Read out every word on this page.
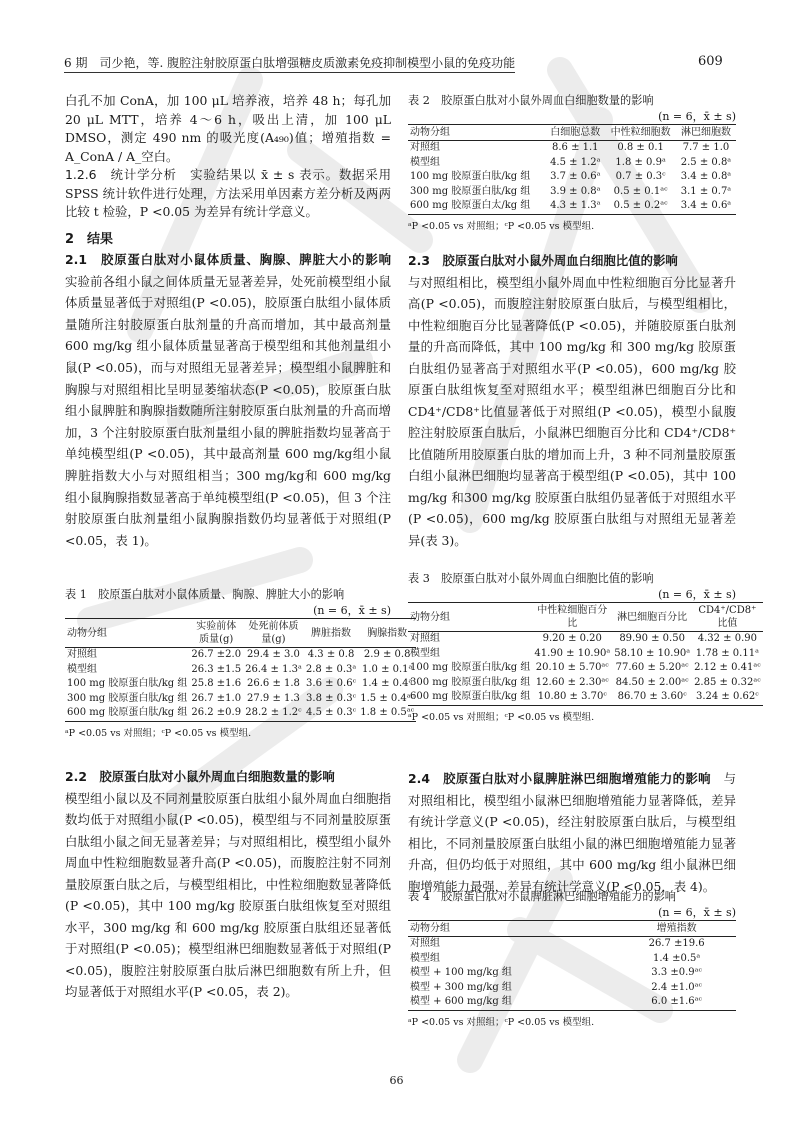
6 期　司少艳，等. 腹腔注射胶原蛋白肽增强糖皮质激素免疫抑制模型小鼠的免疫功能	609

白孔不加 ConA，加 100 μL 培养液，培养 48 h；每孔加 20 μL MTT，培养 4～6 h，吸出上清，加 100 μL DMSO，测定 490 nm 的吸光度(A₄₉₀)值；增殖指数 = A_ConA / A_空白。

1.2.6　统计学分析　 实验结果以 x̄ ± s 表示。数据采用 SPSS 统计软件进行处理，方法采用单因素方差分析及两两比较 t 检验，P <0.05 为差异有统计学意义。

2　结果

2.1　胶原蛋白肽对小鼠体质量、胸腺、脾脏大小的影响　实验前各组小鼠之间体质量无显著差异，处死前模型组小鼠体质量显著低于对照组(P <0.05)，胶原蛋白肽组小鼠体质量随所注射胶原蛋白肽剂量的升高而增加，其中最高剂量600 mg/kg 组小鼠体质量显著高于模型组和其他剂量组小鼠(P <0.05)，而与对照组无显著差异；模型组小鼠脾脏和胸腺与对照组相比呈明显萎缩状态(P <0.05)，胶原蛋白肽组小鼠脾脏和胸腺指数随所注射胶原蛋白肽剂量的升高而增加，3 个注射胶原蛋白肽剂量组小鼠的脾脏指数均显著高于单纯模型组(P <0.05)，其中最高剂量 600 mg/kg组小鼠脾脏指数大小与对照组相当；300 mg/kg和 600 mg/kg 组小鼠胸腺指数显著高于单纯模型组(P <0.05)，但 3 个注射胶原蛋白肽剂量组小鼠胸腺指数仍均显著低于对照组(P <0.05，表 1)。

表 1　胶原蛋白肽对小鼠体质量、胸腺、脾脏大小的影响
(n = 6，x̄ ± s)
动物分组	实验前体质量(g)	处死前体质量(g)	脾脏指数	胸腺指数
对照组	26.7 ±2.0	29.4 ± 3.0	4.3 ± 0.8	2.9 ± 0.8
模型组	26.3 ±1.5	26.4 ± 1.3ᵃ	2.8 ± 0.3ᵃ	1.0 ± 0.1ᵃ
100 mg 胶原蛋白肽/kg 组	25.8 ±1.6	26.6 ± 1.8	3.6 ± 0.6ᶜ	1.4 ± 0.4ᵃ
300 mg 胶原蛋白肽/kg 组	26.7 ±1.0	27.9 ± 1.3	3.8 ± 0.3ᶜ	1.5 ± 0.4ᵃᶜ
600 mg 胶原蛋白肽/kg 组	26.2 ±0.9	28.2 ± 1.2ᶜ	4.5 ± 0.3ᶜ	1.8 ± 0.5ᵃᶜ
ᵃP <0.05 vs 对照组；ᶜP <0.05 vs 模型组.

2.2　胶原蛋白肽对小鼠外周血白细胞数量的影响

模型组小鼠以及不同剂量胶原蛋白肽组小鼠外周血白细胞指数均低于对照组小鼠(P <0.05)，模型组与不同剂量胶原蛋白肽组小鼠之间无显著差异；与对照组相比，模型组小鼠外周血中性粒细胞数显著升高(P <0.05)，而腹腔注射不同剂量胶原蛋白肽之后，与模型组相比，中性粒细胞数显著降低(P <0.05)，其中 100 mg/kg 胶原蛋白肽组恢复至对照组水平，300 mg/kg 和 600 mg/kg 胶原蛋白肽组还显著低于对照组(P <0.05)；模型组淋巴细胞数显著低于对照组(P <0.05)，腹腔注射胶原蛋白肽后淋巴细胞数有所上升，但均显著低于对照组水平(P <0.05，表 2)。

表 2　胶原蛋白肽对小鼠外周血白细胞数量的影响
(n = 6，x̄ ± s)
动物分组	白细胞总数	中性粒细胞数	淋巴细胞数
对照组	8.6 ± 1.1	0.8 ± 0.1	7.7 ± 1.0
模型组	4.5 ± 1.2ᵃ	1.8 ± 0.9ᵃ	2.5 ± 0.8ᵃ
100 mg 胶原蛋白肽/kg 组	3.7 ± 0.6ᵃ	0.7 ± 0.3ᶜ	3.4 ± 0.8ᵃ
300 mg 胶原蛋白肽/kg 组	3.9 ± 0.8ᵃ	0.5 ± 0.1ᵃᶜ	3.1 ± 0.7ᵃ
600 mg 胶原蛋白太/kg 组	4.3 ± 1.3ᵃ	0.5 ± 0.2ᵃᶜ	3.4 ± 0.6ᵃ
ᵃP <0.05 vs 对照组；ᶜP <0.05 vs 模型组.

2.3　胶原蛋白肽对小鼠外周血白细胞比值的影响

与对照组相比，模型组小鼠外周血中性粒细胞百分比显著升高(P <0.05)，而腹腔注射胶原蛋白肽后，与模型组相比，中性粒细胞百分比显著降低(P <0.05)，并随胶原蛋白肽剂量的升高而降低，其中 100 mg/kg 和 300 mg/kg 胶原蛋白肽组仍显著高于对照组水平(P <0.05)，600 mg/kg 胶原蛋白肽组恢复至对照组水平；模型组淋巴细胞百分比和 CD4⁺/CD8⁺比值显著低于对照组(P <0.05)，模型小鼠腹腔注射胶原蛋白肽后，小鼠淋巴细胞百分比和 CD4⁺/CD8⁺比值随所用胶原蛋白肽的增加而上升，3 种不同剂量胶原蛋白组小鼠淋巴细胞均显著高于模型组(P <0.05)，其中 100 mg/kg 和300 mg/kg 胶原蛋白肽组仍显著低于对照组水平(P <0.05)，600 mg/kg 胶原蛋白肽组与对照组无显著差异(表 3)。

表 3　胶原蛋白肽对小鼠外周血白细胞比值的影响
(n = 6，x̄ ± s)
动物分组	中性粒细胞百分比	淋巴细胞百分比	CD4⁺/CD8⁺比值
对照组	9.20 ± 0.20	89.90 ± 0.50	4.32 ± 0.90
模型组	41.90 ± 10.90ᵃ	58.10 ± 10.90ᵃ	1.78 ± 0.11ᵃ
100 mg 胶原蛋白肽/kg 组	20.10 ± 5.70ᵃᶜ	77.60 ± 5.20ᵃᶜ	2.12 ± 0.41ᵃᶜ
300 mg 胶原蛋白肽/kg 组	12.60 ± 2.30ᵃᶜ	84.50 ± 2.00ᵃᶜ	2.85 ± 0.32ᵃᶜ
600 mg 胶原蛋白肽/kg 组	10.80 ± 3.70ᶜ	86.70 ± 3.60ᶜ	3.24 ± 0.62ᶜ
ᵃP <0.05 vs 对照组；ᶜP <0.05 vs 模型组.

2.4　胶原蛋白肽对小鼠脾脏淋巴细胞增殖能力的影响　 与对照组相比，模型组小鼠淋巴细胞增殖能力显著降低，差异有统计学意义(P <0.05)，经注射胶原蛋白肽后，与模型组相比，不同剂量胶原蛋白肽组小鼠的淋巴细胞增殖能力显著升高，但仍均低于对照组，其中 600 mg/kg 组小鼠淋巴细胞增殖能力最强，差异有统计学意义(P <0.05，表 4)。

表 4　胶原蛋白肽对小鼠脾脏淋巴细胞增殖能力的影响
(n = 6，x̄ ± s)
动物分组	增殖指数
对照组	26.7 ±19.6
模型组	1.4 ±0.5ᵃ
模型 + 100 mg/kg 组	3.3 ±0.9ᵃᶜ
模型 + 300 mg/kg 组	2.4 ±1.0ᵃᶜ
模型 + 600 mg/kg 组	6.0 ±1.6ᵃᶜ
ᵃP <0.05 vs 对照组；ᶜP <0.05 vs 模型组.
66
